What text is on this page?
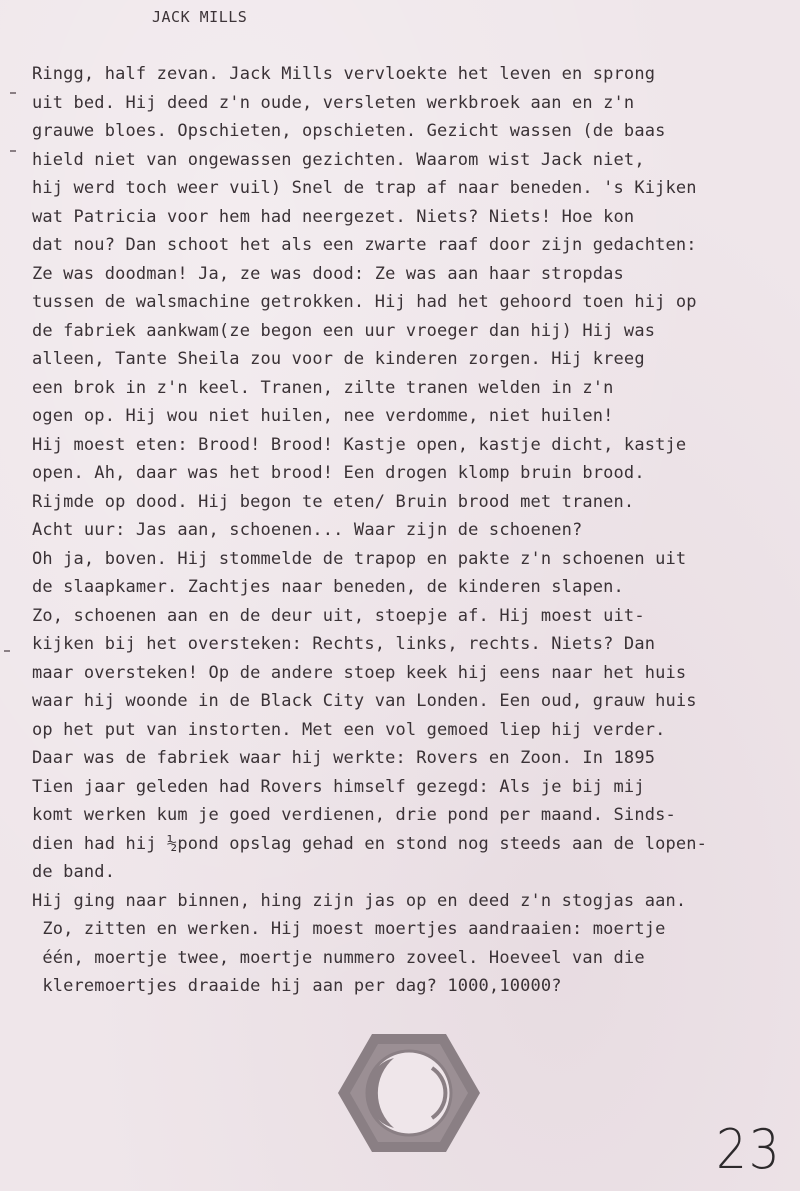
JACK MILLS
Ringg, half zevan. Jack Mills vervloekte het leven en sprong
uit bed. Hij deed z'n oude, versleten werkbroek aan en z'n
grauwe bloes. Opschieten, opschieten. Gezicht wassen (de baas
hield niet van ongewassen gezichten. Waarom wist Jack niet,
hij werd toch weer vuil) Snel de trap af naar beneden. 's Kijken
wat Patricia voor hem had neergezet. Niets? Niets! Hoe kon
dat nou? Dan schoot het als een zwarte raaf door zijn gedachten:
Ze was doodman! Ja, ze was dood: Ze was aan haar stropdas
tussen de walsmachine getrokken. Hij had het gehoord toen hij op
de fabriek aankwam(ze begon een uur vroeger dan hij) Hij was
alleen, Tante Sheila zou voor de kinderen zorgen. Hij kreeg
een brok in z'n keel. Tranen, zilte tranen welden in z'n
ogen op. Hij wou niet huilen, nee verdomme, niet huilen!
Hij moest eten: Brood! Brood! Kastje open, kastje dicht, kastje
open. Ah, daar was het brood! Een drogen klomp bruin brood.
Rijmde op dood. Hij begon te eten/ Bruin brood met tranen.
Acht uur: Jas aan, schoenen... Waar zijn de schoenen?
Oh ja, boven. Hij stommelde de trapop en pakte z'n schoenen uit
de slaapkamer. Zachtjes naar beneden, de kinderen slapen.
Zo, schoenen aan en de deur uit, stoepje af. Hij moest uit-
kijken bij het oversteken: Rechts, links, rechts. Niets? Dan
maar oversteken! Op de andere stoep keek hij eens naar het huis
waar hij woonde in de Black City van Londen. Een oud, grauw huis
op het put van instorten. Met een vol gemoed liep hij verder.
Daar was de fabriek waar hij werkte: Rovers en Zoon. In 1895
Tien jaar geleden had Rovers himself gezegd: Als je bij mij
komt werken kum je goed verdienen, drie pond per maand. Sinds-
dien had hij ½pond opslag gehad en stond nog steeds aan de lopen-
de band.
Hij ging naar binnen, hing zijn jas op en deed z'n stogjas aan.
Zo, zitten en werken. Hij moest moertjes aandraaien: moertje
één, moertje twee, moertje nummero zoveel. Hoeveel van die
kleremoertjes draaide hij aan per dag? 1000,10000?
23
